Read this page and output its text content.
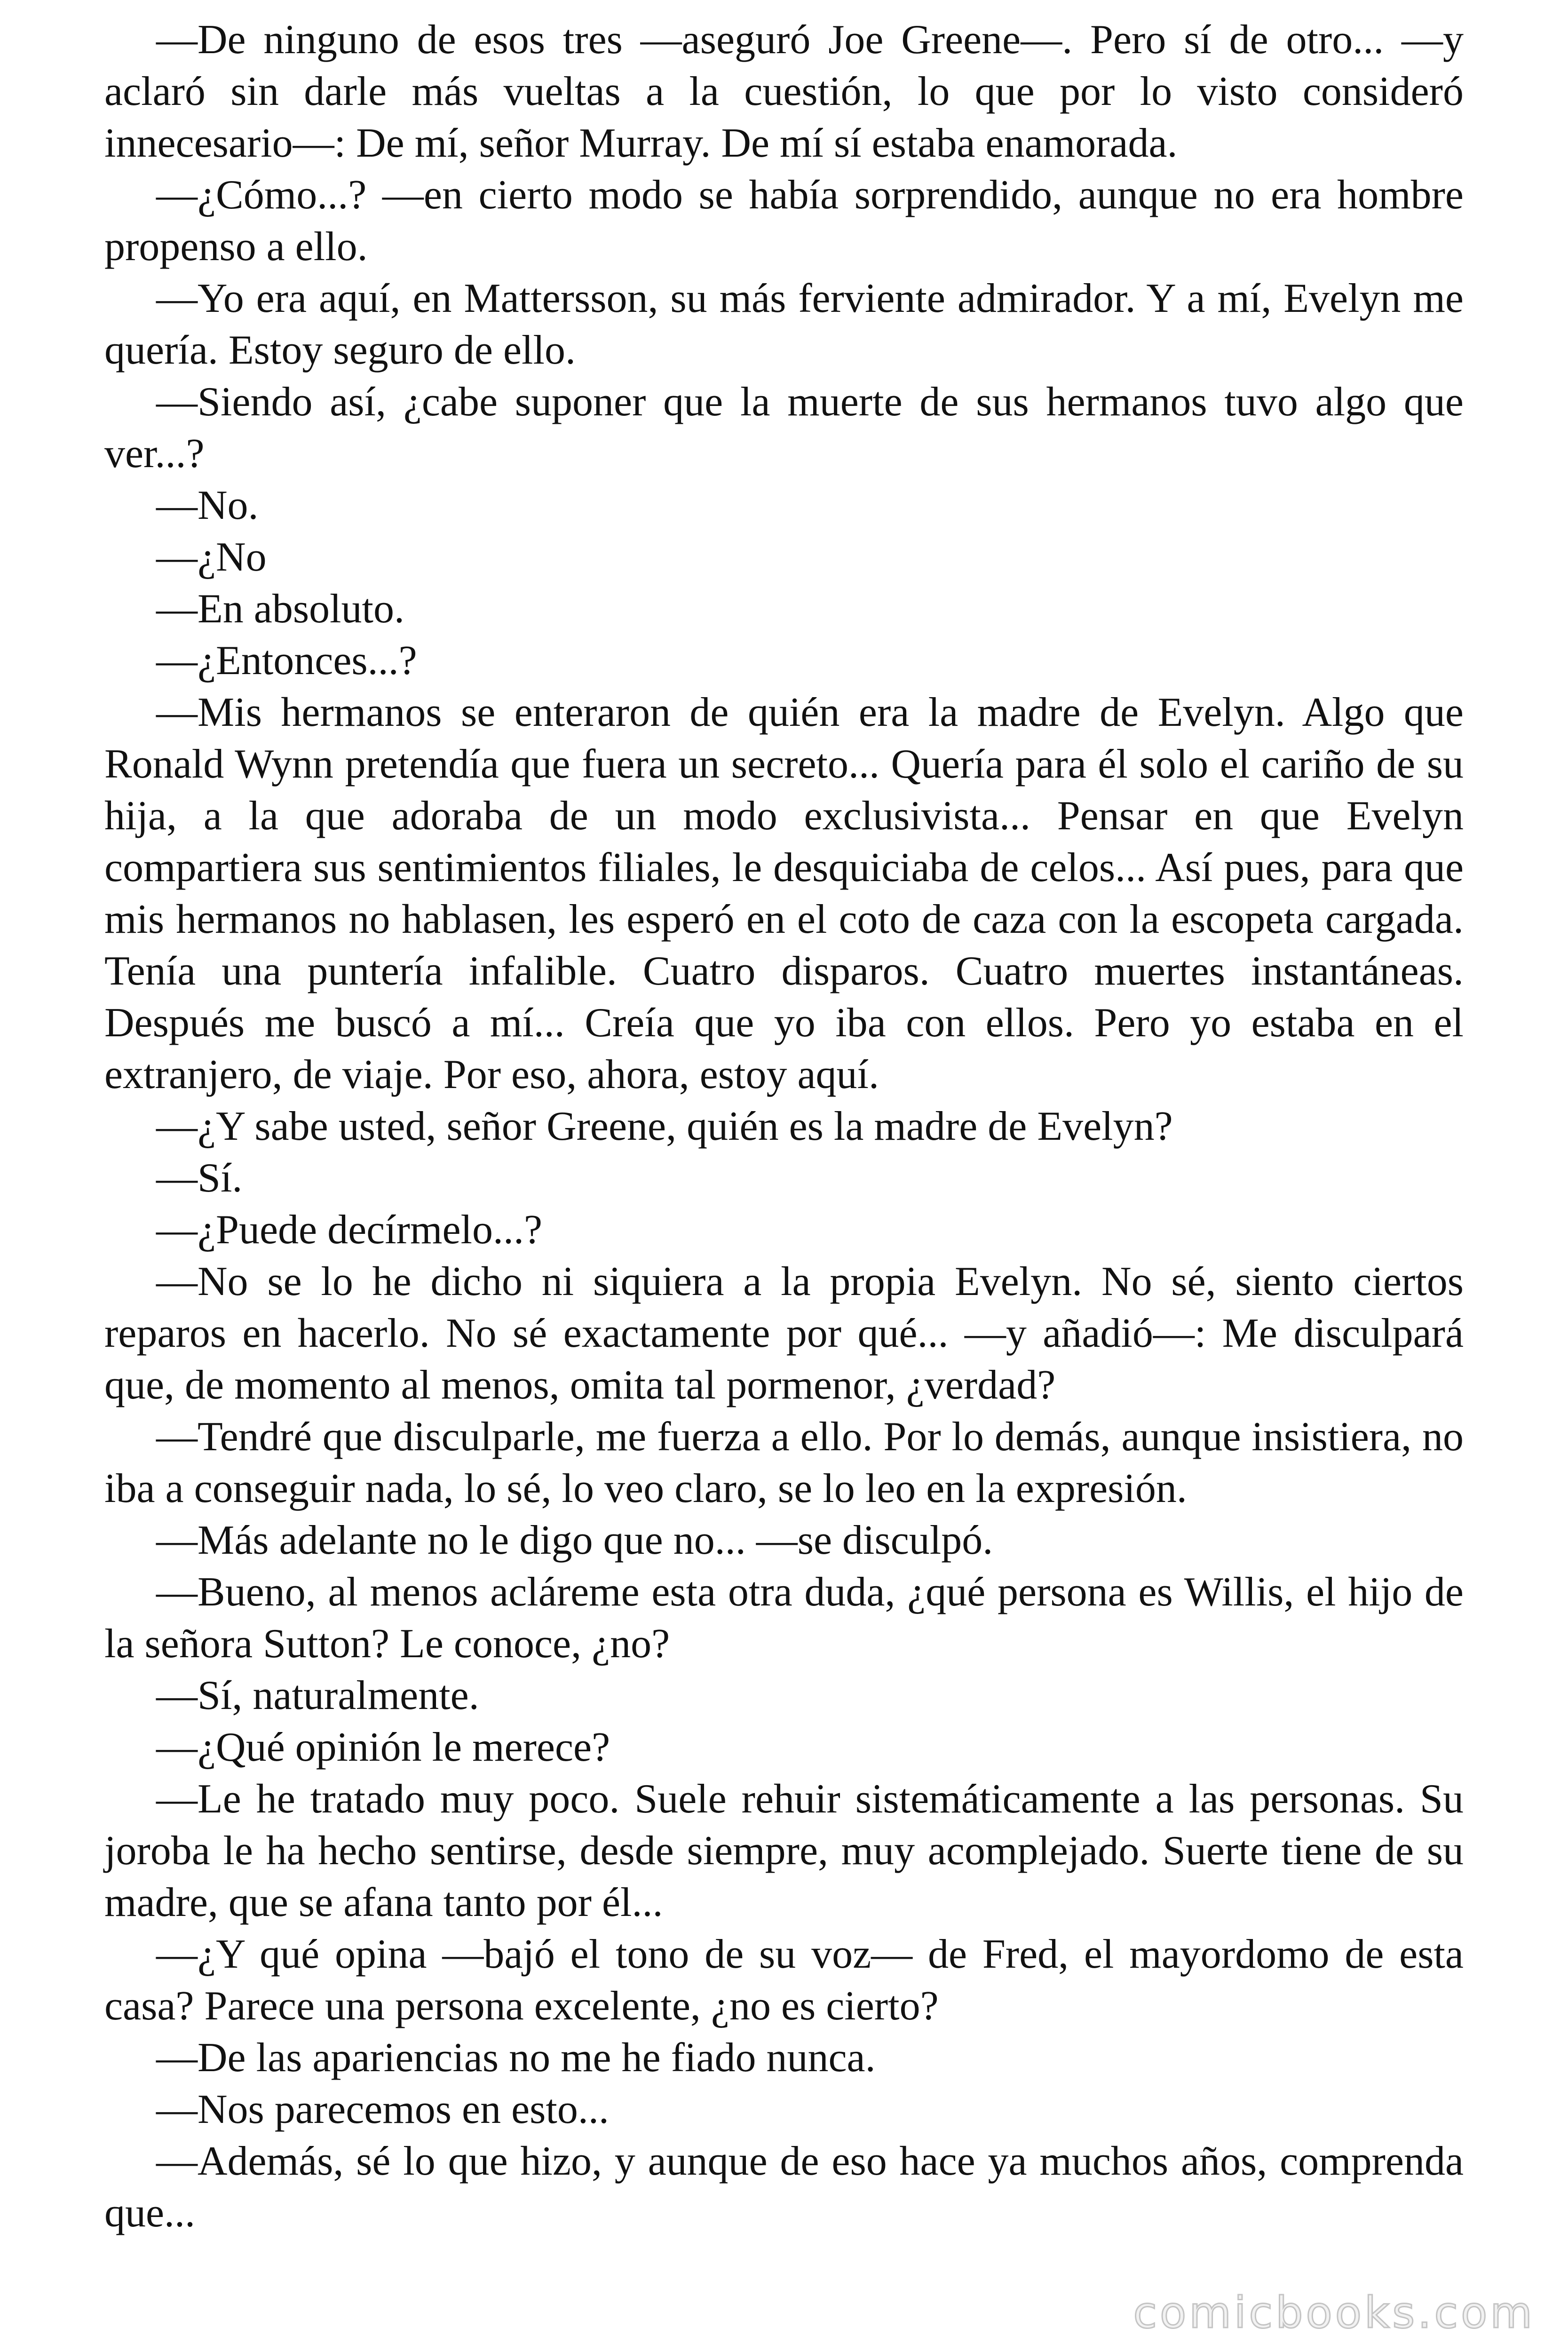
—De ninguno de esos tres —aseguró Joe Greene—. Pero sí de otro... —y aclaró sin darle más vueltas a la cuestión, lo que por lo visto consideró innecesario—: De mí, señor Murray. De mí sí estaba enamorada.

—¿Cómo...? —en cierto modo se había sorprendido, aunque no era hombre propenso a ello.

—Yo era aquí, en Mattersson, su más ferviente admirador. Y a mí, Evelyn me quería. Estoy seguro de ello.

—Siendo así, ¿cabe suponer que la muerte de sus hermanos tuvo algo que ver...?

—No.

—¿No

—En absoluto.

—¿Entonces...?

—Mis hermanos se enteraron de quién era la madre de Evelyn. Algo que Ronald Wynn pretendía que fuera un secreto... Quería para él solo el cariño de su hija, a la que adoraba de un modo exclusivista... Pensar en que Evelyn compartiera sus sentimientos filiales, le desquiciaba de celos... Así pues, para que mis hermanos no hablasen, les esperó en el coto de caza con la escopeta cargada. Tenía una puntería infalible. Cuatro disparos. Cuatro muertes instantáneas. Después me buscó a mí... Creía que yo iba con ellos. Pero yo estaba en el extranjero, de viaje. Por eso, ahora, estoy aquí.

—¿Y sabe usted, señor Greene, quién es la madre de Evelyn?

—Sí.

—¿Puede decírmelo...?

—No se lo he dicho ni siquiera a la propia Evelyn. No sé, siento ciertos reparos en hacerlo. No sé exactamente por qué... —y añadió—: Me disculpará que, de momento al menos, omita tal pormenor, ¿verdad?

—Tendré que disculparle, me fuerza a ello. Por lo demás, aunque insistiera, no iba a conseguir nada, lo sé, lo veo claro, se lo leo en la expresión.

—Más adelante no le digo que no... —se disculpó.

—Bueno, al menos acláreme esta otra duda, ¿qué persona es Willis, el hijo de la señora Sutton? Le conoce, ¿no?

—Sí, naturalmente.

—¿Qué opinión le merece?

—Le he tratado muy poco. Suele rehuir sistemáticamente a las personas. Su joroba le ha hecho sentirse, desde siempre, muy acomplejado. Suerte tiene de su madre, que se afana tanto por él...

—¿Y qué opina —bajó el tono de su voz— de Fred, el mayordomo de esta casa? Parece una persona excelente, ¿no es cierto?

—De las apariencias no me he fiado nunca.

—Nos parecemos en esto...

—Además, sé lo que hizo, y aunque de eso hace ya muchos años, comprenda que...

comicbooks.com
